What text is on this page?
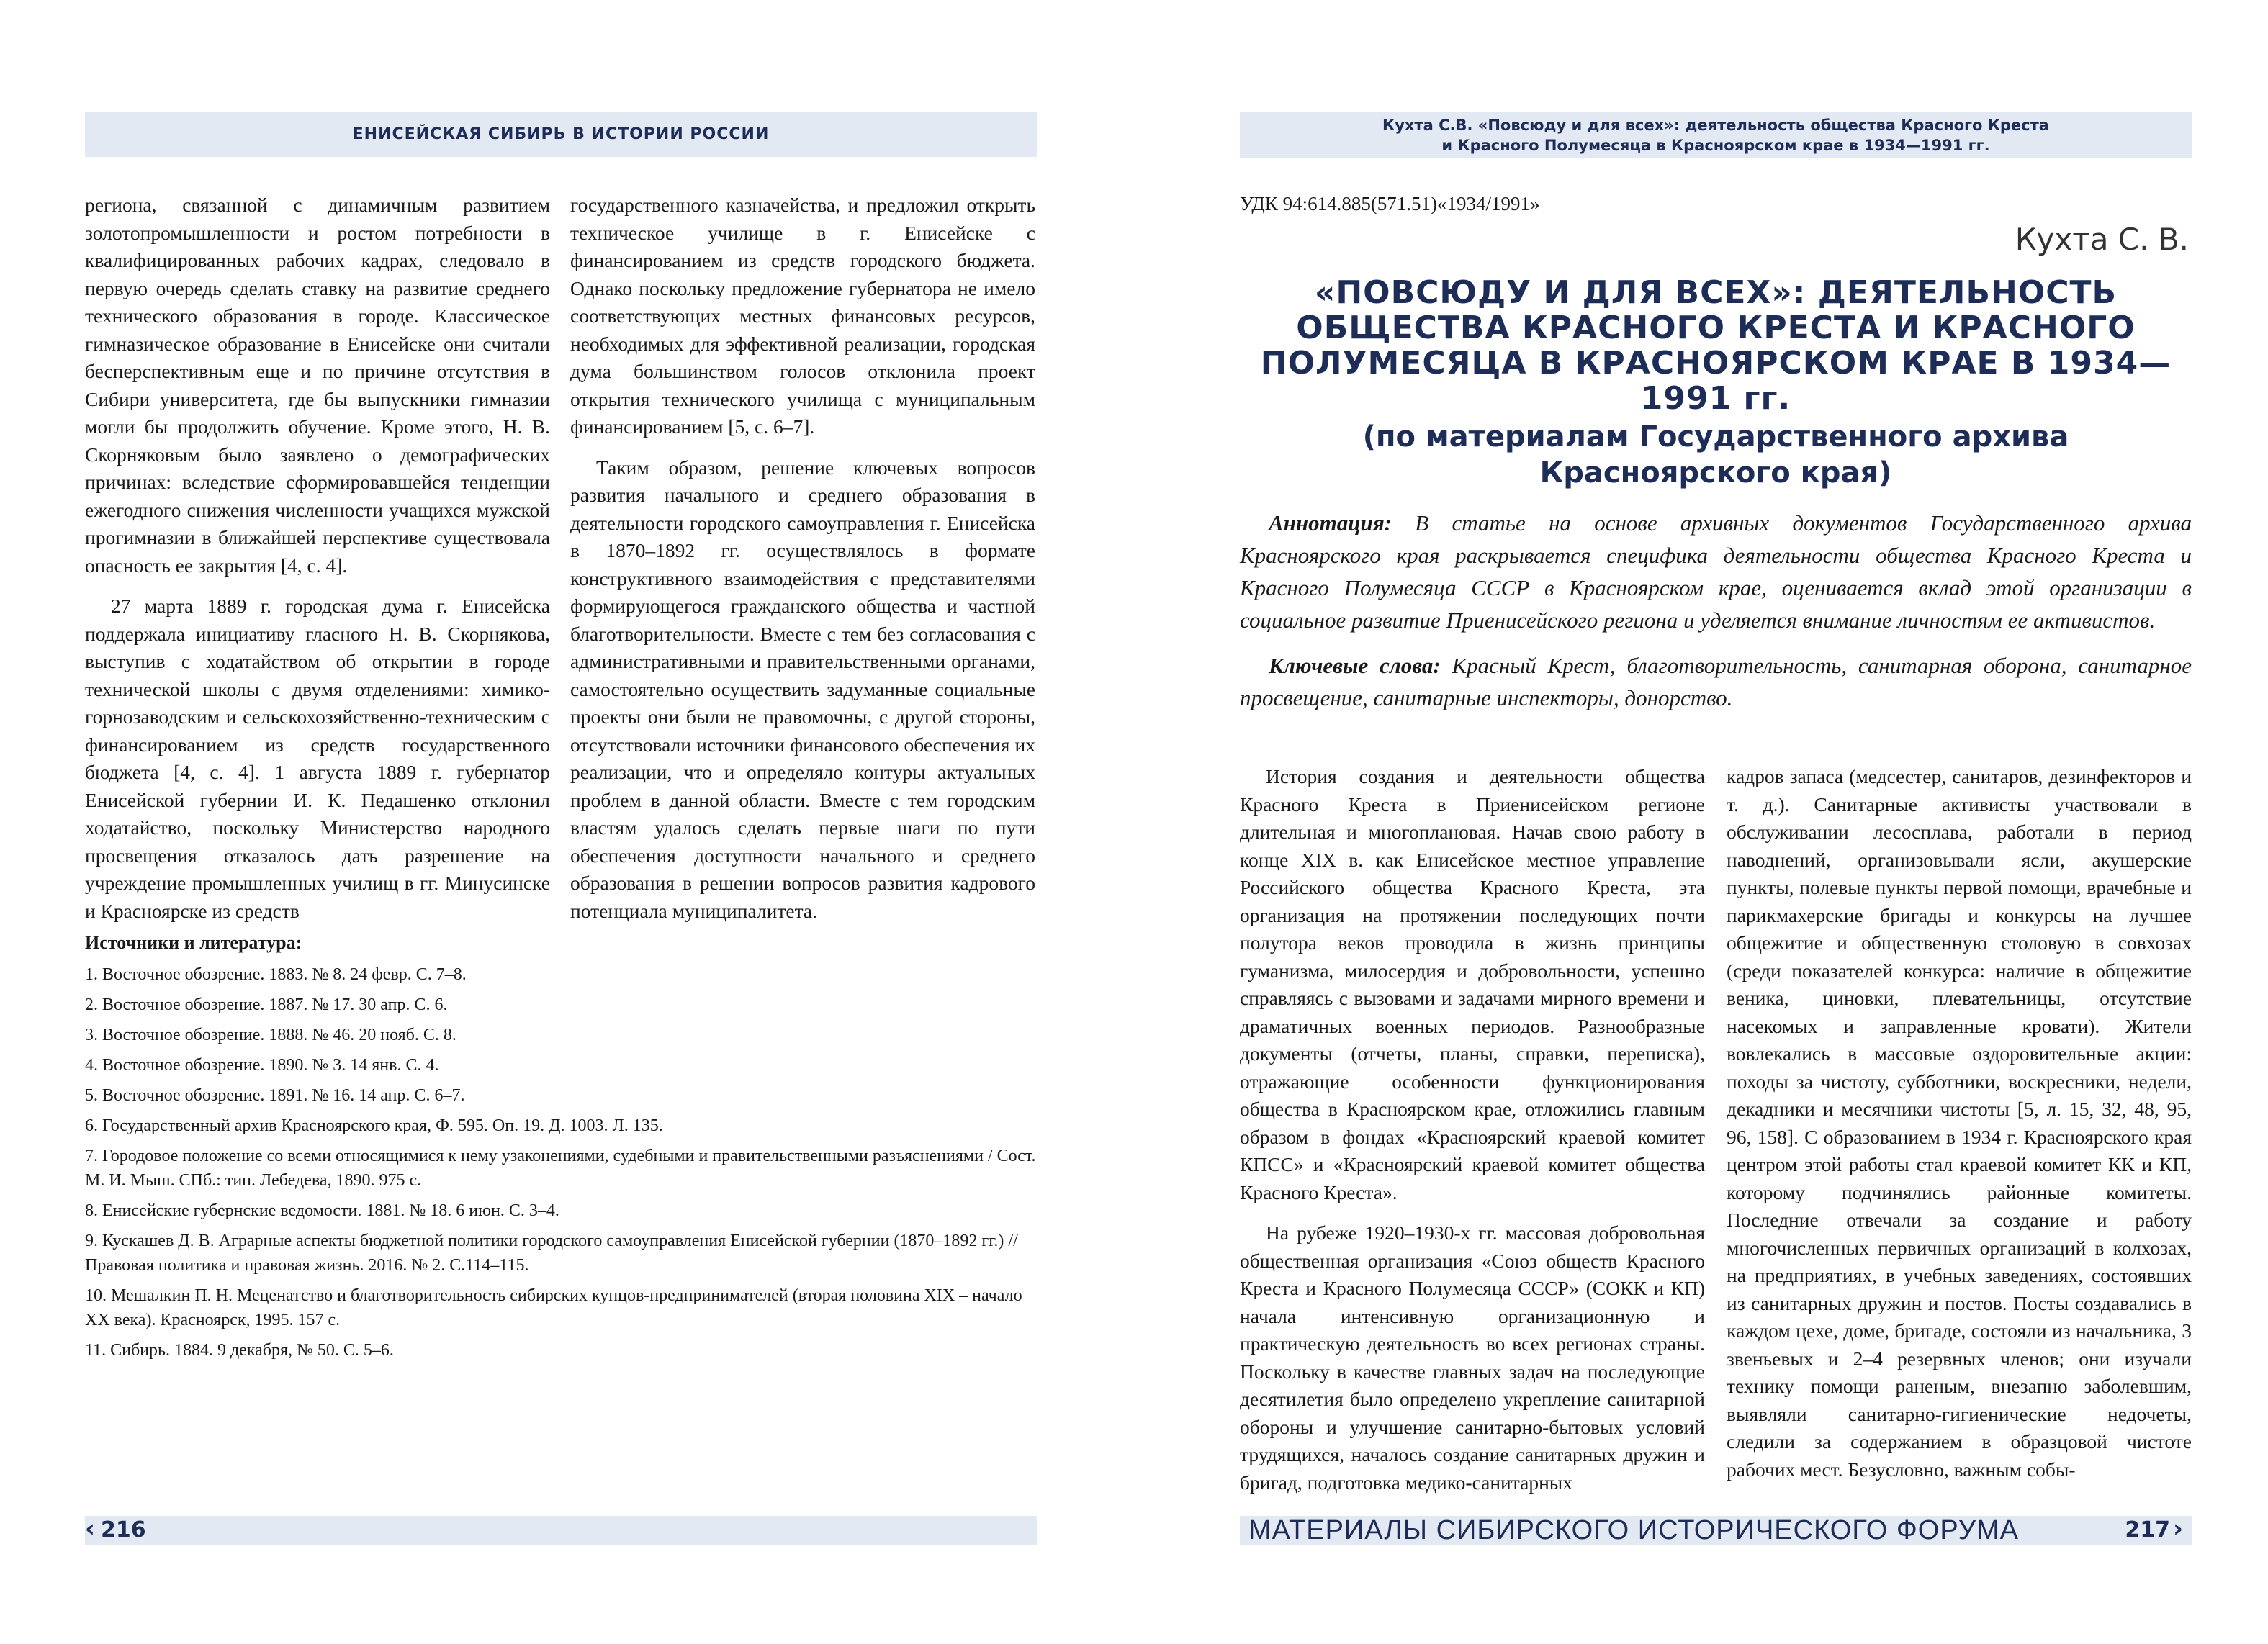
ЕНИСЕЙСКАЯ СИБИРЬ В ИСТОРИИ РОССИИ

региона, связанной с динамичным развитием золотопромышленности и ростом потребности в квалифицированных рабочих кадрах, следовало в первую очередь сделать ставку на развитие среднего технического образования в городе. Классическое гимназическое образование в Енисейске они считали бесперспективным еще и по причине отсутствия в Сибири университета, где бы выпускники гимназии могли бы продолжить обучение. Кроме этого, Н. В. Скорняковым было заявлено о демографических причинах: вследствие сформировавшейся тенденции ежегодного снижения численности учащихся мужской прогимназии в ближайшей перспективе существовала опасность ее закрытия [4, с. 4].

27 марта 1889 г. городская дума г. Енисейска поддержала инициативу гласного Н. В. Скорнякова, выступив с ходатайством об открытии в городе технической школы с двумя отделениями: химико-горнозаводским и сельскохозяйственно-техническим с финансированием из средств государственного бюджета [4, с. 4]. 1 августа 1889 г. губернатор Енисейской губернии И. К. Педашенко отклонил ходатайство, поскольку Министерство народного просвещения отказалось дать разрешение на учреждение промышленных училищ в гг. Минусинске и Красноярске из средств

государственного казначейства, и предложил открыть техническое училище в г. Енисейске с финансированием из средств городского бюджета. Однако поскольку предложение губернатора не имело соответствующих местных финансовых ресурсов, необходимых для эффективной реализации, городская дума большинством голосов отклонила проект открытия технического училища с муниципальным финансированием [5, с. 6–7].

Таким образом, решение ключевых вопросов развития начального и среднего образования в деятельности городского самоуправления г. Енисейска в 1870–1892 гг. осуществлялось в формате конструктивного взаимодействия с представителями формирующегося гражданского общества и частной благотворительности. Вместе с тем без согласования с административными и правительственными органами, самостоятельно осуществить задуманные социальные проекты они были не правомочны, с другой стороны, отсутствовали источники финансового обеспечения их реализации, что и определяло контуры актуальных проблем в данной области. Вместе с тем городским властям удалось сделать первые шаги по пути обеспечения доступности начального и среднего образования в решении вопросов развития кадрового потенциала муниципалитета.

Источники и литература:
1. Восточное обозрение. 1883. № 8. 24 февр. С. 7–8.
2. Восточное обозрение. 1887. № 17. 30 апр. С. 6.
3. Восточное обозрение. 1888. № 46. 20 нояб. С. 8.
4. Восточное обозрение. 1890. № 3. 14 янв. С. 4.
5. Восточное обозрение. 1891. № 16. 14 апр. С. 6–7.
6. Государственный архив Красноярского края, Ф. 595. Оп. 19. Д. 1003. Л. 135.
7. Городовое положение со всеми относящимися к нему узаконениями, судебными и правительственными разъяснениями / Сост. М. И. Мыш. СПб.: тип. Лебедева, 1890. 975 с.
8. Енисейские губернские ведомости. 1881. № 18. 6 июн. С. 3–4.
9. Кускашев Д. В. Аграрные аспекты бюджетной политики городского самоуправления Енисейской губернии (1870–1892 гг.) // Правовая политика и правовая жизнь. 2016. № 2. С.114–115.
10. Мешалкин П. Н. Меценатство и благотворительность сибирских купцов-предпринимателей (вторая половина XIX – начало XX века). Красноярск, 1995. 157 с.
11. Сибирь. 1884. 9 декабря, № 50. С. 5–6.
‹ 216
Кухта С.В. «Повсюду и для всех»: деятельность общества Красного Креста
и Красного Полумесяца в Красноярском крае в 1934—1991 гг.
УДК 94:614.885(571.51)«1934/1991»
Кухта С. В.
«ПОВСЮДУ И ДЛЯ ВСЕХ»: ДЕЯТЕЛЬНОСТЬ ОБЩЕСТВА КРАСНОГО КРЕСТА И КРАСНОГО ПОЛУМЕСЯЦА В КРАСНОЯРСКОМ КРАЕ В 1934—1991 гг.
(по материалам Государственного архива Красноярского края)

Аннотация: В статье на основе архивных документов Государственного архива Красноярского края раскрывается специфика деятельности общества Красного Креста и Красного Полумесяца СССР в Красноярском крае, оценивается вклад этой организации в социальное развитие Приенисейского региона и уделяется внимание личностям ее активистов.

Ключевые слова: Красный Крест, благотворительность, санитарная оборона, санитарное просвещение, санитарные инспекторы, донорство.

История создания и деятельности общества Красного Креста в Приенисейском регионе длительная и многоплановая. Начав свою работу в конце XIX в. как Енисейское местное управление Российского общества Красного Креста, эта организация на протяжении последующих почти полутора веков проводила в жизнь принципы гуманизма, милосердия и добровольности, успешно справляясь с вызовами и задачами мирного времени и драматичных военных периодов. Разнообразные документы (отчеты, планы, справки, переписка), отражающие особенности функционирования общества в Красноярском крае, отложились главным образом в фондах «Красноярский краевой комитет КПСС» и «Красноярский краевой комитет общества Красного Креста».

На рубеже 1920–1930-х гг. массовая добровольная общественная организация «Союз обществ Красного Креста и Красного Полумесяца СССР» (СОКК и КП) начала интенсивную организационную и практическую деятельность во всех регионах страны. Поскольку в качестве главных задач на последующие десятилетия было определено укрепление санитарной обороны и улучшение санитарно-бытовых условий трудящихся, началось создание санитарных дружин и бригад, подготовка медико-санитарных

кадров запаса (медсестер, санитаров, дезинфекторов и т. д.). Санитарные активисты участвовали в обслуживании лесосплава, работали в период наводнений, организовывали ясли, акушерские пункты, полевые пункты первой помощи, врачебные и парикмахерские бригады и конкурсы на лучшее общежитие и общественную столовую в совхозах (среди показателей конкурса: наличие в общежитие веника, циновки, плевательницы, отсутствие насекомых и заправленные кровати). Жители вовлекались в массовые оздоровительные акции: походы за чистоту, субботники, воскресники, недели, декадники и месячники чистоты [5, л. 15, 32, 48, 95, 96, 158]. С образованием в 1934 г. Красноярского края центром этой работы стал краевой комитет КК и КП, которому подчинялись районные комитеты. Последние отвечали за создание и работу многочисленных первичных организаций в колхозах, на предприятиях, в учебных заведениях, состоявших из санитарных дружин и постов. Посты создавались в каждом цехе, доме, бригаде, состояли из начальника, 3 звеньевых и 2–4 резервных членов; они изучали технику помощи раненым, внезапно заболевшим, выявляли санитарно-гигиенические недочеты, следили за содержанием в образцовой чистоте рабочих мест. Безусловно, важным собы-

МАТЕРИАЛЫ СИБИРСКОГО ИСТОРИЧЕСКОГО ФОРУМА	217 ›
